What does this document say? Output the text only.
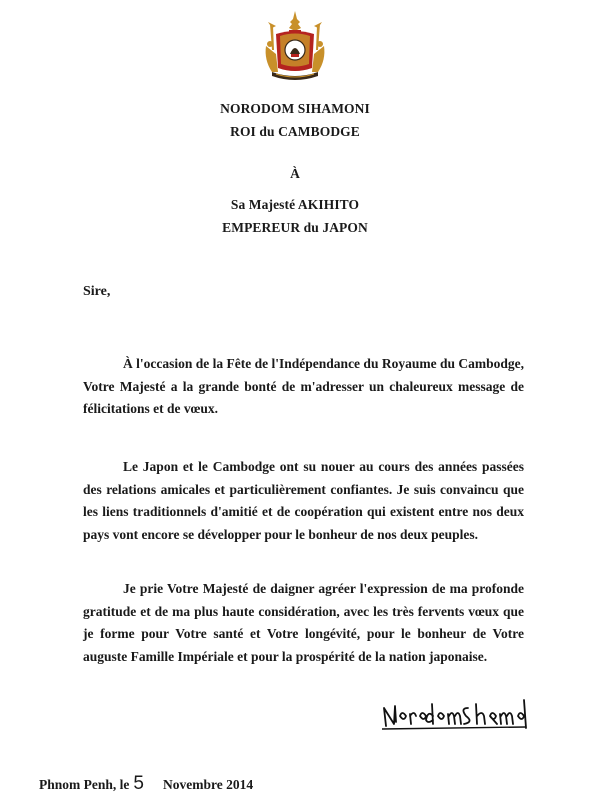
NORODOM SIHAMONI
ROI du CAMBODGE
À
Sa Majesté AKIHITO
EMPEREUR du JAPON
Sire,

À l'occasion de la Fête de l'Indépendance du Royaume du Cambodge, Votre Majesté a la grande bonté de m'adresser un chaleureux message de félicitations et de vœux.

Le Japon et le Cambodge ont su nouer au cours des années passées des relations amicales et particulièrement confiantes. Je suis convaincu que les liens traditionnels d'amitié et de coopération qui existent entre nos deux pays vont encore se développer pour le bonheur de nos deux peuples.

Je prie Votre Majesté de daigner agréer l'expression de ma profonde gratitude et de ma plus haute considération, avec les très fervents vœux que je forme pour Votre santé et Votre longévité, pour le bonheur de Votre auguste Famille Impériale et pour la prospérité de la nation japonaise.

Phnom Penh, le 5 Novembre 2014
